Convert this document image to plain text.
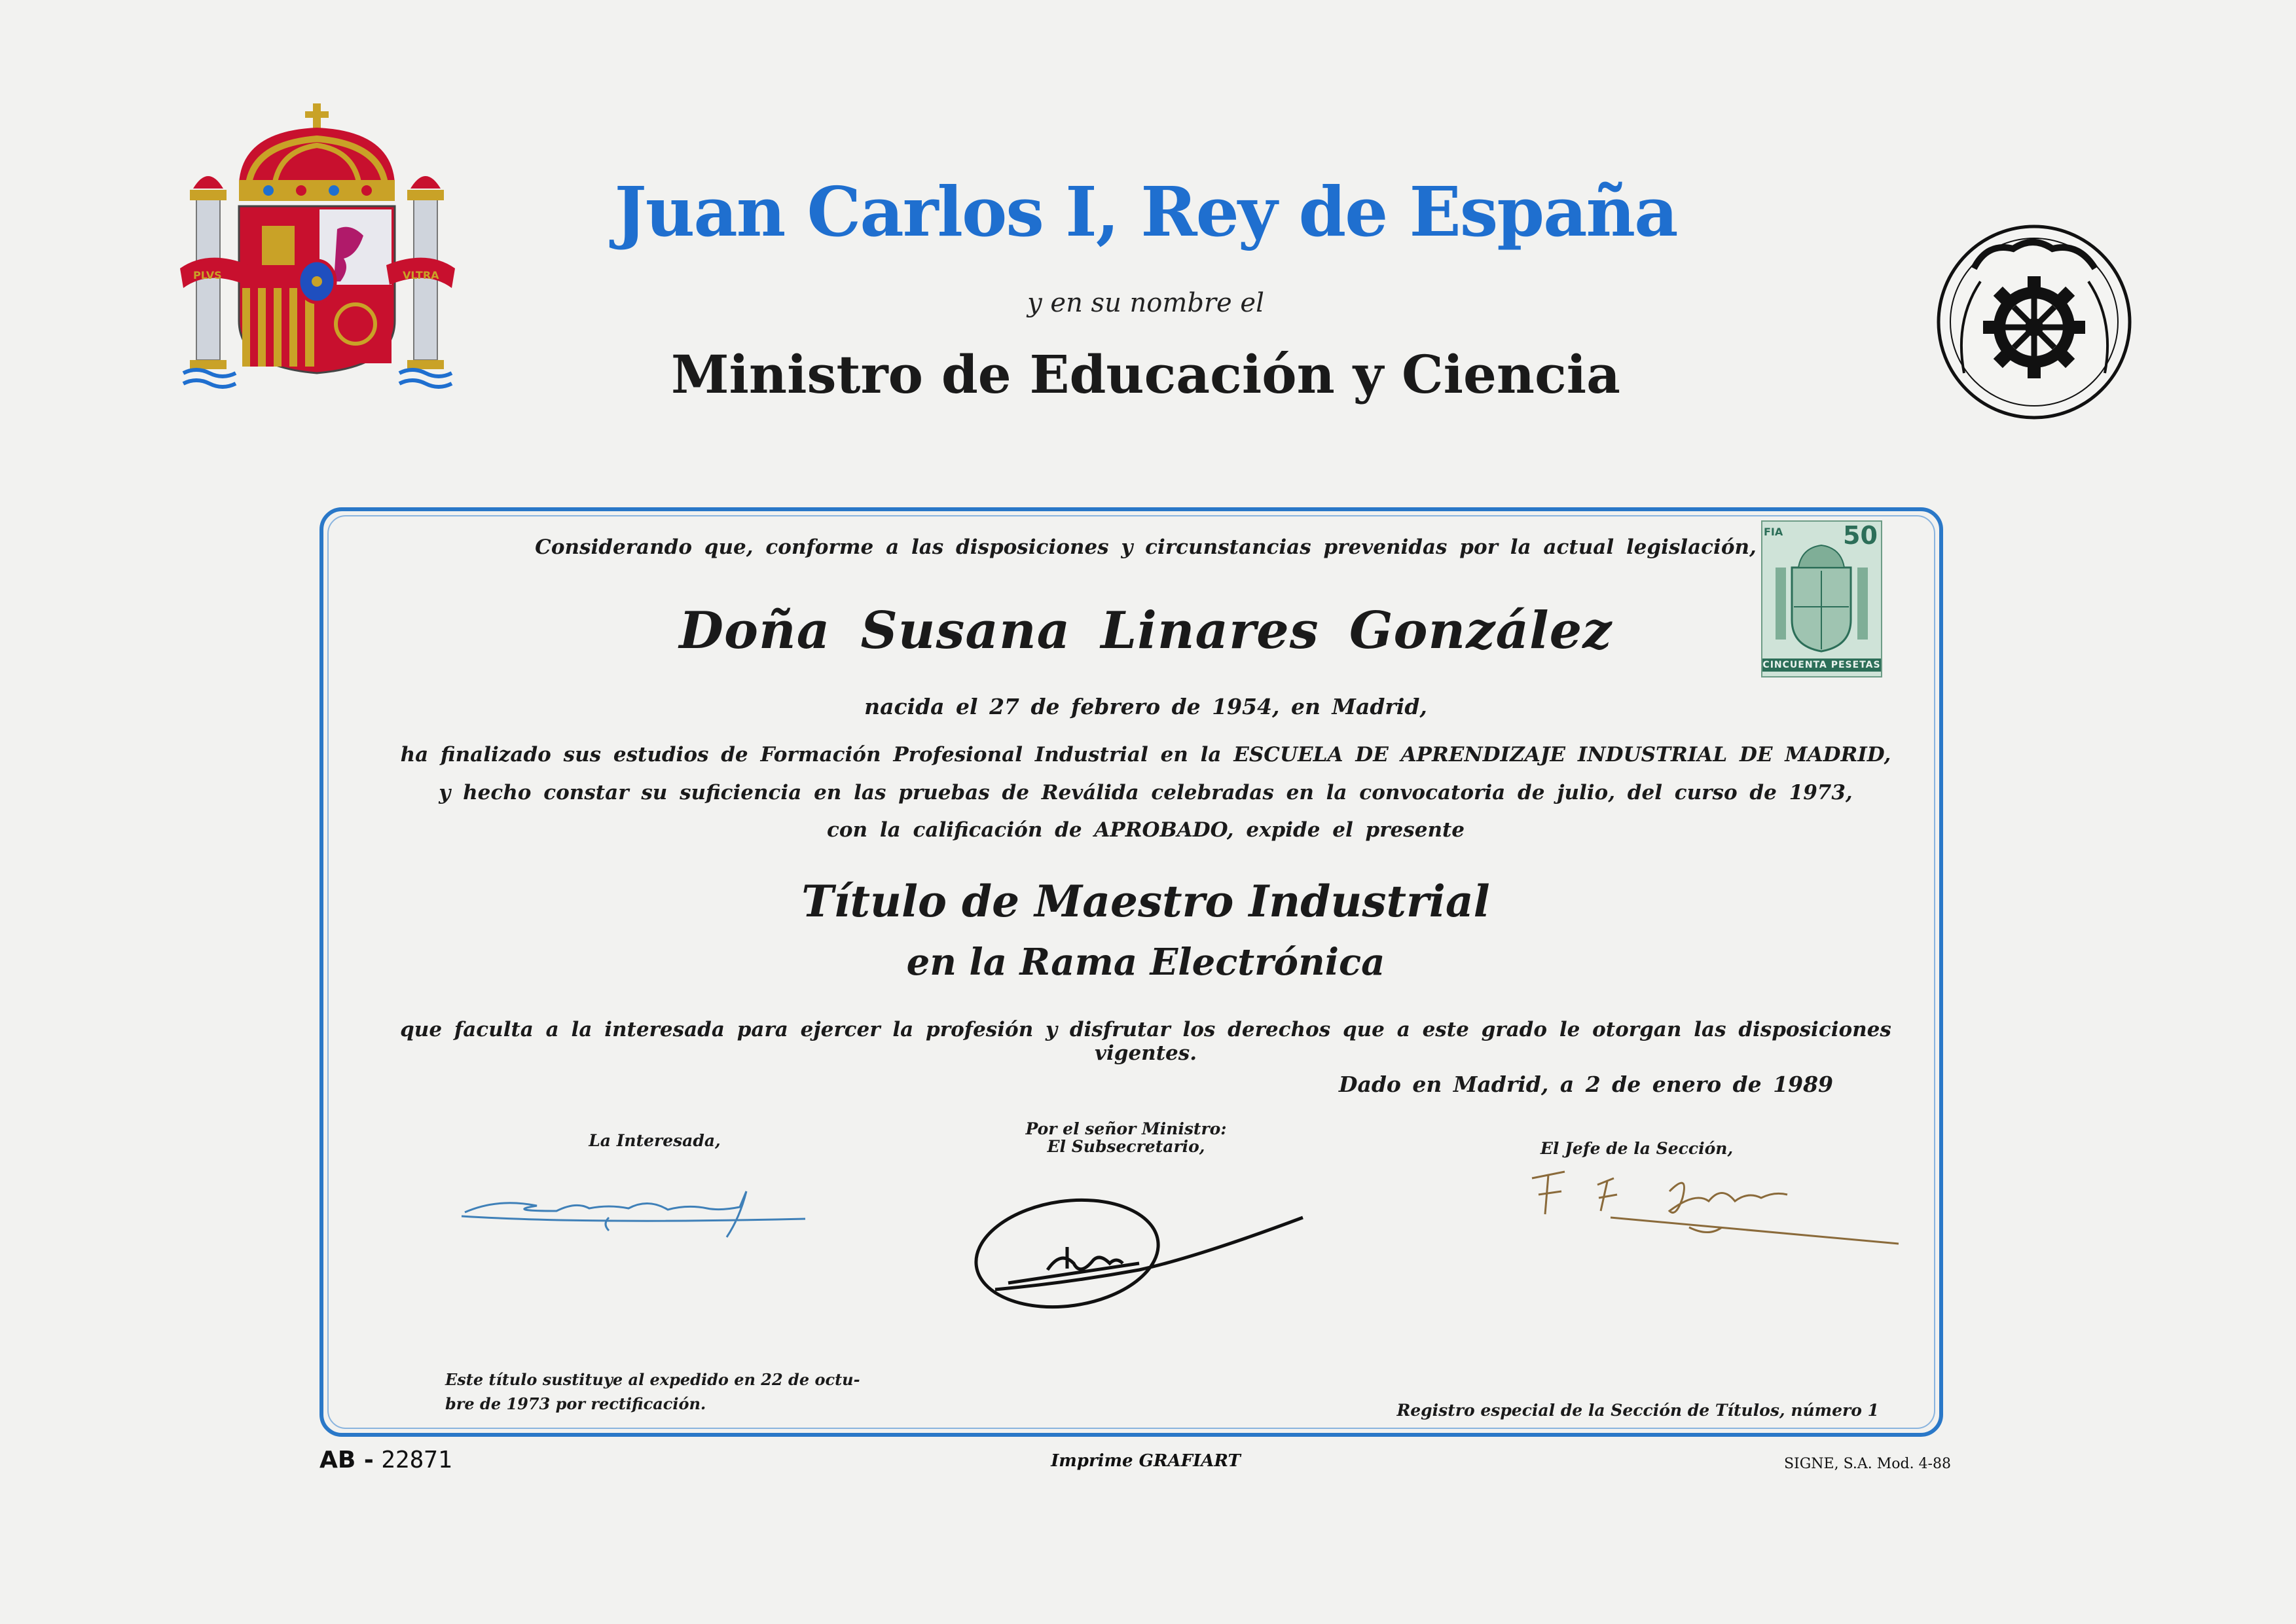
PLVS	VLTRA
Juan Carlos I, Rey de España
y en su nombre el
Ministro de Educación y Ciencia
FIA 50
CINCUENTA PESETAS
Considerando que, conforme a las disposiciones y circunstancias prevenidas por la actual legislación,
Doña Susana Linares González
nacida el 27 de febrero de 1954, en Madrid,
ha finalizado sus estudios de Formación Profesional Industrial en la ESCUELA DE APRENDIZAJE INDUSTRIAL DE MADRID,
y hecho constar su suficiencia en las pruebas de Reválida celebradas en la convocatoria de julio, del curso de 1973,
con la calificación de APROBADO, expide el presente
Título de Maestro Industrial
en la Rama Electrónica
que faculta a la interesada para ejercer la profesión y disfrutar los derechos que a este grado le otorgan las disposiciones vigentes.
Dado en Madrid, a 2 de enero de 1989
La Interesada,
Por el señor Ministro:
El Subsecretario,	El Jefe de la Sección,
Este título sustituye al expedido en 22 de octu-
bre de 1973 por rectificación.	Registro especial de la Sección de Títulos, número 1
AB - 22871	Imprime GRAFIART	SIGNE, S.A. Mod. 4-88
